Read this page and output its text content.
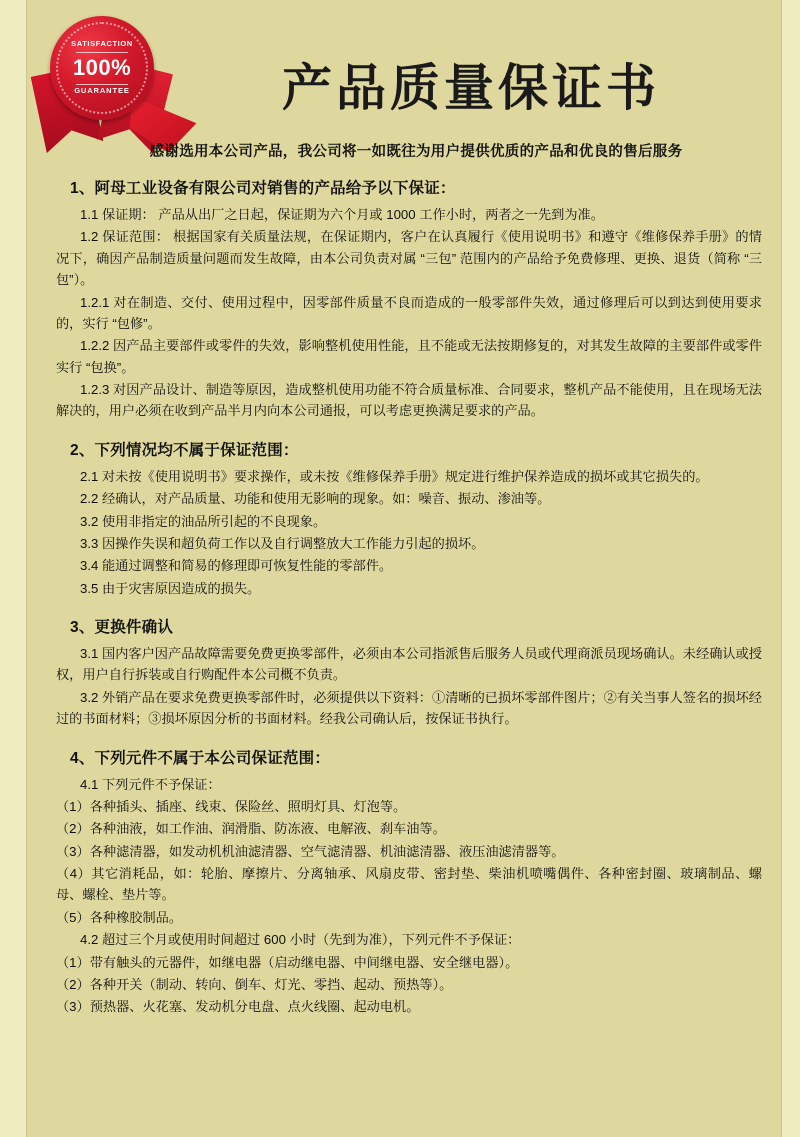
SATISFACTION
100%
GUARANTEE	产品质量保证书
感谢选用本公司产品，我公司将一如既往为用户提供优质的产品和优良的售后服务
1、阿母工业设备有限公司对销售的产品给予以下保证：

1.1 保证期： 产品从出厂之日起，保证期为六个月或 1000 工作小时，两者之一先到为准。

1.2 保证范围： 根据国家有关质量法规，在保证期内，客户在认真履行《使用说明书》和遵守《维修保养手册》的情况下，确因产品制造质量问题而发生故障，由本公司负责对属 “三包” 范围内的产品给予免费修理、更换、退货（简称 “三包”）。

1.2.1 对在制造、交付、使用过程中，因零部件质量不良而造成的一般零部件失效，通过修理后可以到达到使用要求的，实行 “包修”。

1.2.2 因产品主要部件或零件的失效，影响整机使用性能，且不能或无法按期修复的，对其发生故障的主要部件或零件实行 “包换”。

1.2.3 对因产品设计、制造等原因，造成整机使用功能不符合质量标准、合同要求，整机产品不能使用，且在现场无法解决的，用户必须在收到产品半月内向本公司通报，可以考虑更换满足要求的产品。

2、下列情况均不属于保证范围：

2.1 对未按《使用说明书》要求操作，或未按《维修保养手册》规定进行维护保养造成的损坏或其它损失的。

2.2 经确认，对产品质量、功能和使用无影响的现象。如：噪音、振动、渗油等。

3.2 使用非指定的油品所引起的不良现象。

3.3 因操作失误和超负荷工作以及自行调整放大工作能力引起的损坏。

3.4 能通过调整和简易的修理即可恢复性能的零部件。

3.5 由于灾害原因造成的损失。

3、更换件确认

3.1 国内客户因产品故障需要免费更换零部件，必须由本公司指派售后服务人员或代理商派员现场确认。未经确认或授权，用户自行拆装或自行购配件本公司概不负责。

3.2 外销产品在要求免费更换零部件时，必须提供以下资料：①清晰的已损坏零部件图片；②有关当事人签名的损坏经过的书面材料；③损坏原因分析的书面材料。经我公司确认后，按保证书执行。

4、下列元件不属于本公司保证范围：

4.1 下列元件不予保证：

（1）各种插头、插座、线束、保险丝、照明灯具、灯泡等。

（2）各种油液，如工作油、润滑脂、防冻液、电解液、刹车油等。

（3）各种滤清器，如发动机机油滤清器、空气滤清器、机油滤清器、液压油滤清器等。

（4）其它消耗品，如：轮胎、摩擦片、分离轴承、风扇皮带、密封垫、柴油机喷嘴偶件、各种密封圈、玻璃制品、螺母、螺栓、垫片等。

（5）各种橡胶制品。

4.2 超过三个月或使用时间超过 600 小时（先到为准），下列元件不予保证：

（1）带有触头的元器件，如继电器（启动继电器、中间继电器、安全继电器）。

（2）各种开关（制动、转向、倒车、灯光、零挡、起动、预热等）。

（3）预热器、火花塞、发动机分电盘、点火线圈、起动电机。
